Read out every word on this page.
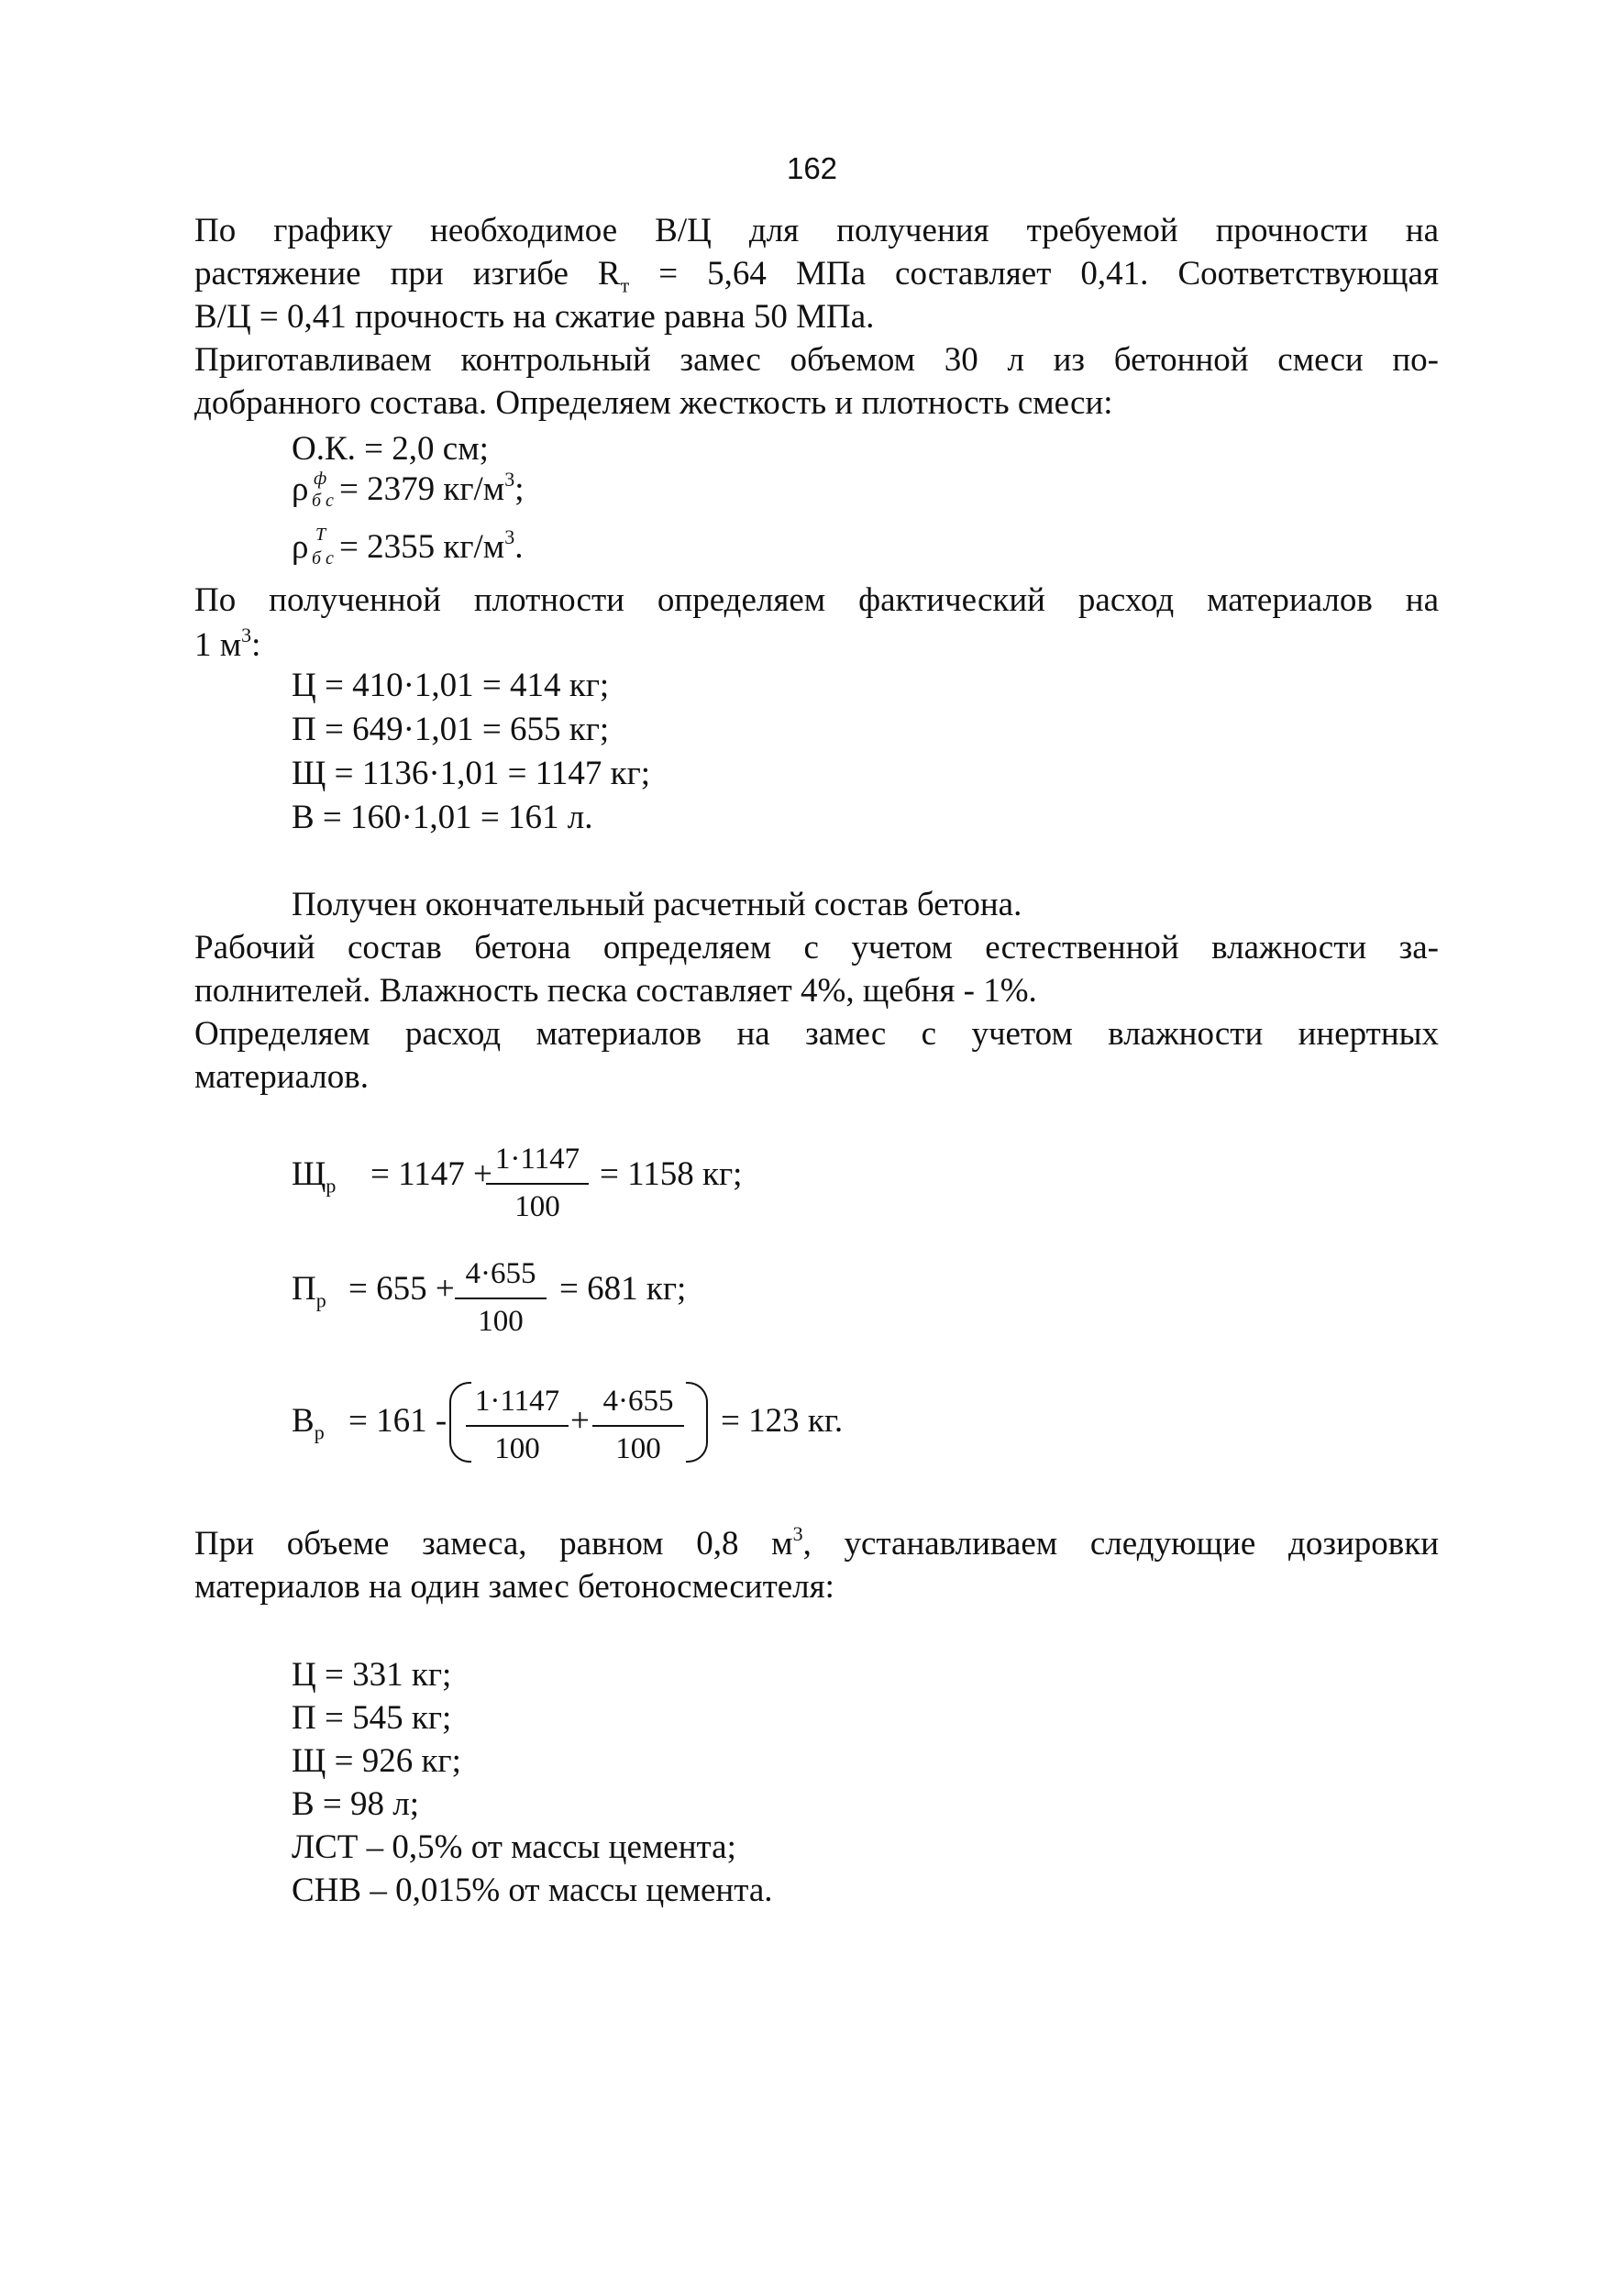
162
По графику необходимое В/Ц для получения требуемой прочности на
растяжение при изгибе $R_т = 5,64$ МПа составляет 0,41. Соответствующая
В/Ц = 0,41 прочность на сжатие равна 50 МПа.
Приготавливаем контрольный замес объемом 30 л из бетонной смеси по-
добранного состава. Определяем жесткость и плотность смеси:
О.К. = 2,0 см;
ρ ф
б с = 2379 $кг/м^3$;
ρ Т
б с = 2355 $кг/м^3$.
По полученной плотности определяем фактический расход материалов на
1 $м^3$:
Ц = 410·1,01 = 414 кг;
П = 649·1,01 = 655 кг;
Щ = 1136·1,01 = 1147 кг;
В = 160·1,01 = 161 л.
Получен окончательный расчетный состав бетона.
Рабочий состав бетона определяем с учетом естественной влажности за-
полнителей. Влажность песка составляет 4%, щебня - 1%.
Определяем расход материалов на замес с учетом влажности инертных
материалов.
$Щ_р = 1147 + 1\cdot 1147$
100
= 1158 кг;
$П_р = 655 + 4\cdot 655$
100
= 681 кг;
$В_р = 161$ -
1·1147
100
+
4·655
100
= 123 кг.
При объеме замеса, равном 0,8 $м^3$, устанавливаем следующие дозировки
материалов на один замес бетоносмесителя:
Ц = 331 кг;
П = 545 кг;
Щ = 926 кг;
В = 98 л;
ЛСТ – 0,5% от массы цемента;
СНВ – 0,015% от массы цемента.
